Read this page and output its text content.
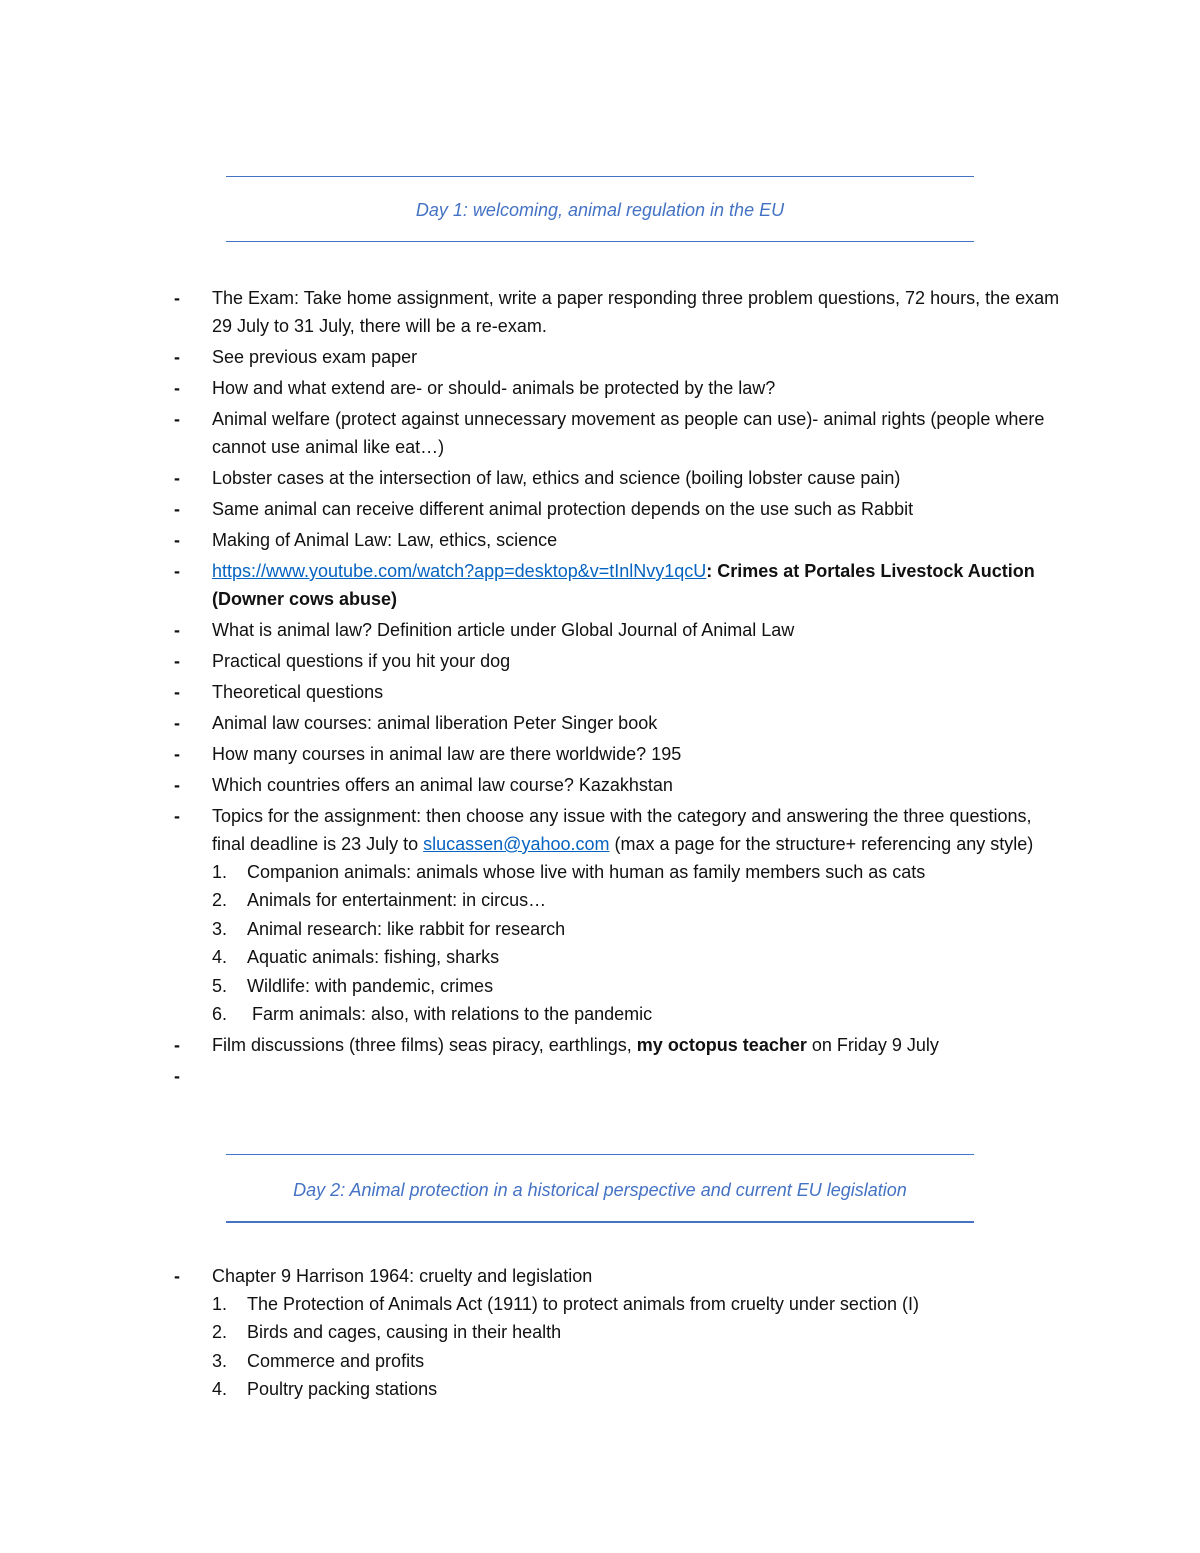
Day 1: welcoming, animal regulation in the EU
-	The Exam: Take home assignment, write a paper responding three problem questions, 72 hours, the exam 29 July to 31 July, there will be a re-exam.
-	See previous exam paper
-	How and what extend are- or should- animals be protected by the law?
-	Animal welfare (protect against unnecessary movement as people can use)- animal rights (people where cannot use animal like eat…)
-	Lobster cases at the intersection of law, ethics and science (boiling lobster cause pain)
-	Same animal can receive different animal protection depends on the use such as Rabbit
-	Making of Animal Law: Law, ethics, science
-	https://www.youtube.com/watch?app=desktop&v=tInlNvy1qcU: Crimes at Portales Livestock Auction (Downer cows abuse)
-	What is animal law? Definition article under Global Journal of Animal Law
-	Practical questions if you hit your dog
-	Theoretical questions
-	Animal law courses: animal liberation Peter Singer book
-	How many courses in animal law are there worldwide? 195
-	Which countries offers an animal law course? Kazakhstan
-	Topics for the assignment: then choose any issue with the category and answering the three questions, final deadline is 23 July to slucassen@yahoo.com (max a page for the structure+ referencing any style)
1.	Companion animals: animals whose live with human as family members such as cats
2.	Animals for entertainment: in circus…
3.	Animal research: like rabbit for research
4.	Aquatic animals: fishing, sharks
5.	Wildlife: with pandemic, crimes
6.	Farm animals: also, with relations to the pandemic
-	Film discussions (three films) seas piracy, earthlings, my octopus teacher on Friday 9 July
-

Day 2: Animal protection in a historical perspective and current EU legislation
-	Chapter 9 Harrison 1964: cruelty and legislation
1.	The Protection of Animals Act (1911) to protect animals from cruelty under section (I)
2.	Birds and cages, causing in their health
3.	Commerce and profits
4.	Poultry packing stations
